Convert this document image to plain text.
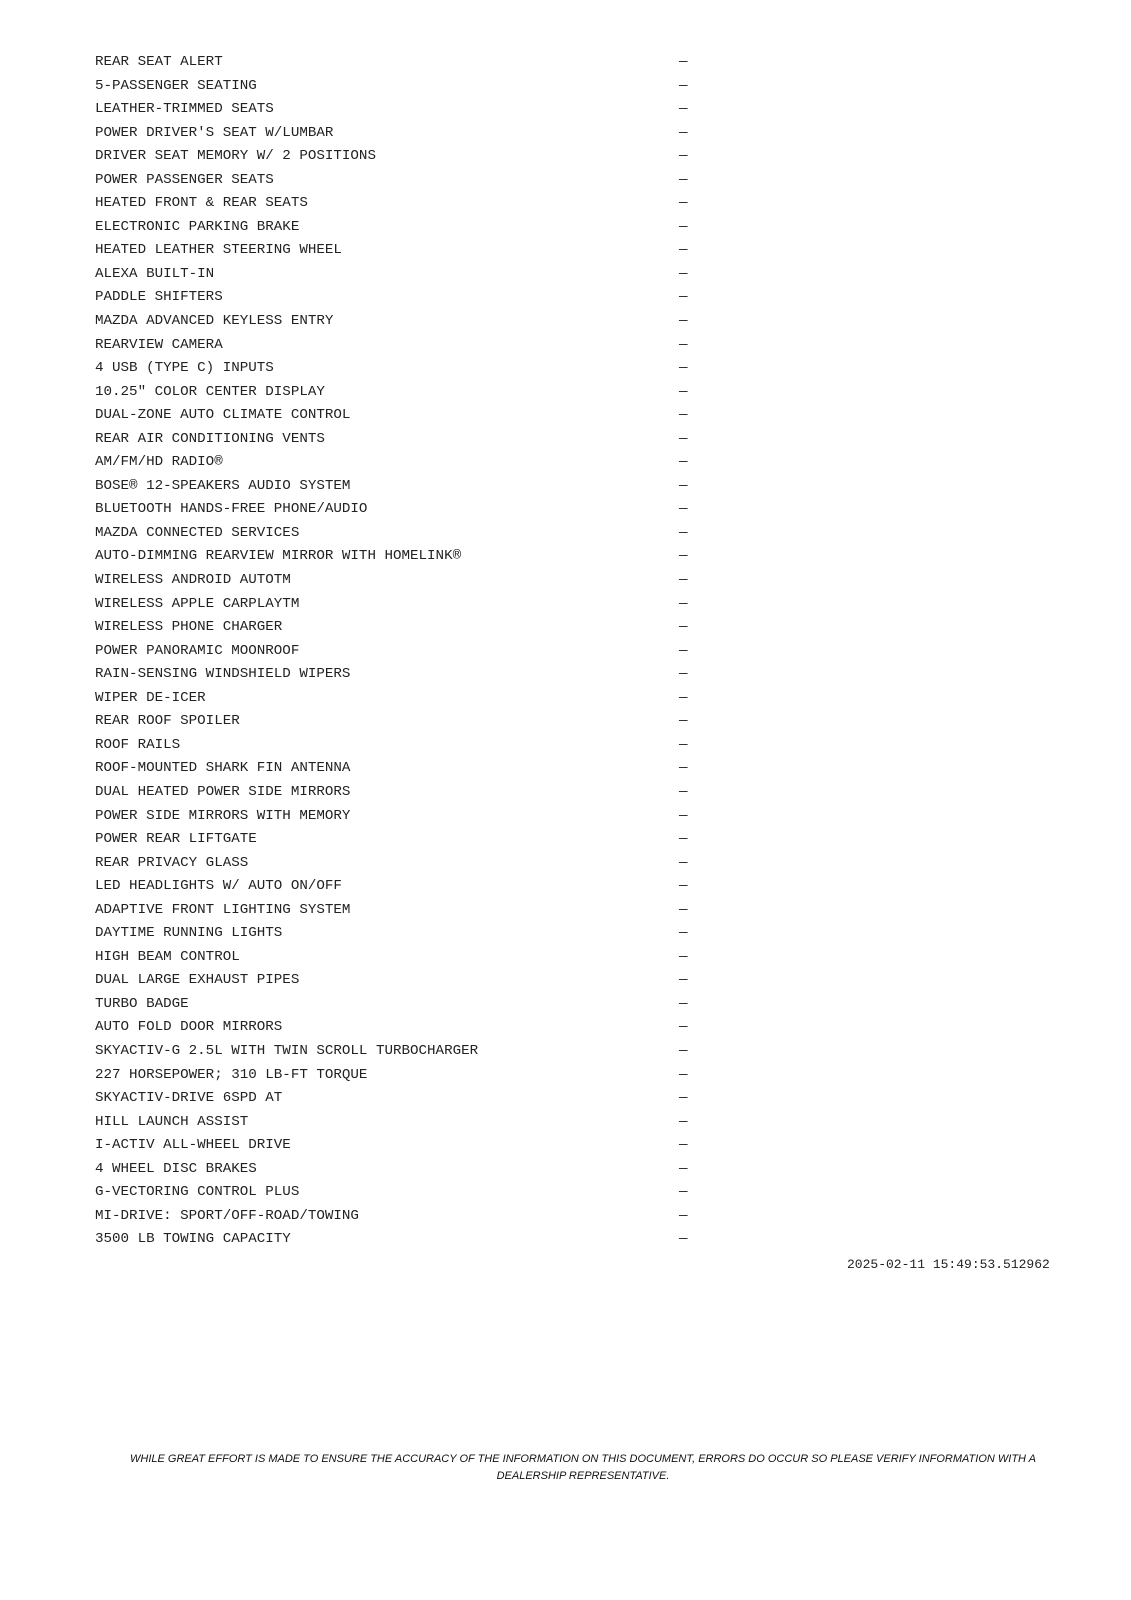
REAR SEAT ALERT	—
5-PASSENGER SEATING	—
LEATHER-TRIMMED SEATS	—
POWER DRIVER'S SEAT W/LUMBAR	—
DRIVER SEAT MEMORY W/ 2 POSITIONS	—
POWER PASSENGER SEATS	—
HEATED FRONT & REAR SEATS	—
ELECTRONIC PARKING BRAKE	—
HEATED LEATHER STEERING WHEEL	—
ALEXA BUILT-IN	—
PADDLE SHIFTERS	—
MAZDA ADVANCED KEYLESS ENTRY	—
REARVIEW CAMERA	—
4 USB (TYPE C) INPUTS	—
10.25" COLOR CENTER DISPLAY	—
DUAL-ZONE AUTO CLIMATE CONTROL	—
REAR AIR CONDITIONING VENTS	—
AM/FM/HD RADIO®	—
BOSE® 12-SPEAKERS AUDIO SYSTEM	—
BLUETOOTH HANDS-FREE PHONE/AUDIO	—
MAZDA CONNECTED SERVICES	—
AUTO-DIMMING REARVIEW MIRROR WITH HOMELINK®	—
WIRELESS ANDROID AUTOTM	—
WIRELESS APPLE CARPLAYTM	—
WIRELESS PHONE CHARGER	—
POWER PANORAMIC MOONROOF	—
RAIN-SENSING WINDSHIELD WIPERS	—
WIPER DE-ICER	—
REAR ROOF SPOILER	—
ROOF RAILS	—
ROOF-MOUNTED SHARK FIN ANTENNA	—
DUAL HEATED POWER SIDE MIRRORS	—
POWER SIDE MIRRORS WITH MEMORY	—
POWER REAR LIFTGATE	—
REAR PRIVACY GLASS	—
LED HEADLIGHTS W/ AUTO ON/OFF	—
ADAPTIVE FRONT LIGHTING SYSTEM	—
DAYTIME RUNNING LIGHTS	—
HIGH BEAM CONTROL	—
DUAL LARGE EXHAUST PIPES	—
TURBO BADGE	—
AUTO FOLD DOOR MIRRORS	—
SKYACTIV-G 2.5L WITH TWIN SCROLL TURBOCHARGER	—
227 HORSEPOWER; 310 LB-FT TORQUE	—
SKYACTIV-DRIVE 6SPD AT	—
HILL LAUNCH ASSIST	—
I-ACTIV ALL-WHEEL DRIVE	—
4 WHEEL DISC BRAKES	—
G-VECTORING CONTROL PLUS	—
MI-DRIVE: SPORT/OFF-ROAD/TOWING	—
3500 LB TOWING CAPACITY	—
2025-02-11 15:49:53.512962
WHILE GREAT EFFORT IS MADE TO ENSURE THE ACCURACY OF THE INFORMATION ON THIS DOCUMENT, ERRORS DO OCCUR SO PLEASE VERIFY INFORMATION WITH A DEALERSHIP REPRESENTATIVE.
